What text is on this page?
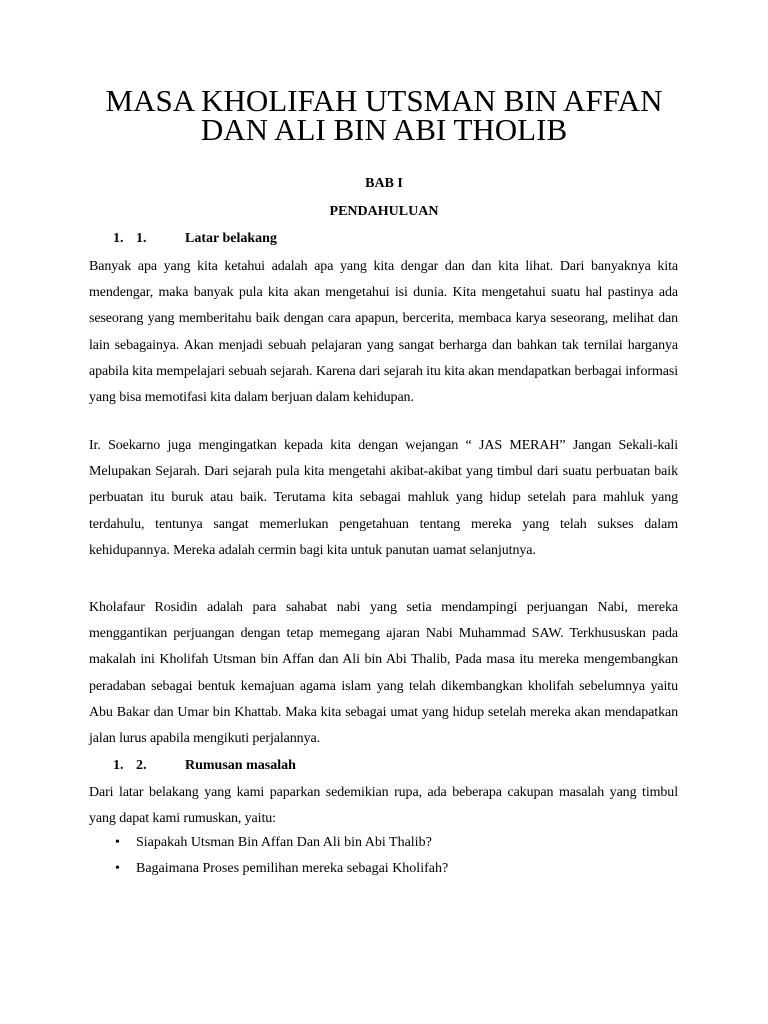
MASA KHOLIFAH UTSMAN BIN AFFAN
DAN ALI BIN ABI THOLIB

BAB I

PENDAHULUAN

1. 1.	Latar belakang

Banyak apa yang kita ketahui adalah apa yang kita dengar dan dan kita lihat. Dari banyaknya kita mendengar, maka banyak pula kita akan mengetahui isi dunia. Kita mengetahui suatu hal pastinya ada seseorang yang memberitahu baik dengan cara apapun, bercerita, membaca karya seseorang, melihat dan lain sebagainya. Akan menjadi sebuah pelajaran yang sangat berharga dan bahkan tak ternilai harganya apabila kita mempelajari sebuah sejarah. Karena dari sejarah itu kita akan mendapatkan berbagai informasi yang bisa memotifasi kita dalam berjuan dalam kehidupan.

Ir. Soekarno juga mengingatkan kepada kita dengan wejangan “ JAS MERAH” Jangan Sekali-kali Melupakan Sejarah. Dari sejarah pula kita mengetahi akibat-akibat yang timbul dari suatu perbuatan baik perbuatan itu buruk atau baik. Terutama kita sebagai mahluk yang hidup setelah para mahluk yang terdahulu, tentunya sangat memerlukan pengetahuan tentang mereka yang telah sukses dalam kehidupannya. Mereka adalah cermin bagi kita untuk panutan uamat selanjutnya.

Kholafaur Rosidin adalah para sahabat nabi yang setia mendampingi perjuangan Nabi, mereka menggantikan perjuangan dengan tetap memegang ajaran Nabi Muhammad SAW. Terkhususkan pada makalah ini Kholifah Utsman bin Affan dan Ali bin Abi Thalib, Pada masa itu mereka mengembangkan peradaban sebagai bentuk kemajuan agama islam yang telah dikembangkan kholifah sebelumnya yaitu Abu Bakar dan Umar bin Khattab. Maka kita sebagai umat yang hidup setelah mereka akan mendapatkan jalan lurus apabila mengikuti perjalannya.

1. 2.	Rumusan masalah

Dari latar belakang yang kami paparkan sedemikian rupa, ada beberapa cakupan masalah yang timbul yang dapat kami rumuskan, yaitu:

• Siapakah Utsman Bin Affan Dan Ali bin Abi Thalib?
• Bagaimana Proses pemilihan mereka sebagai Kholifah?
